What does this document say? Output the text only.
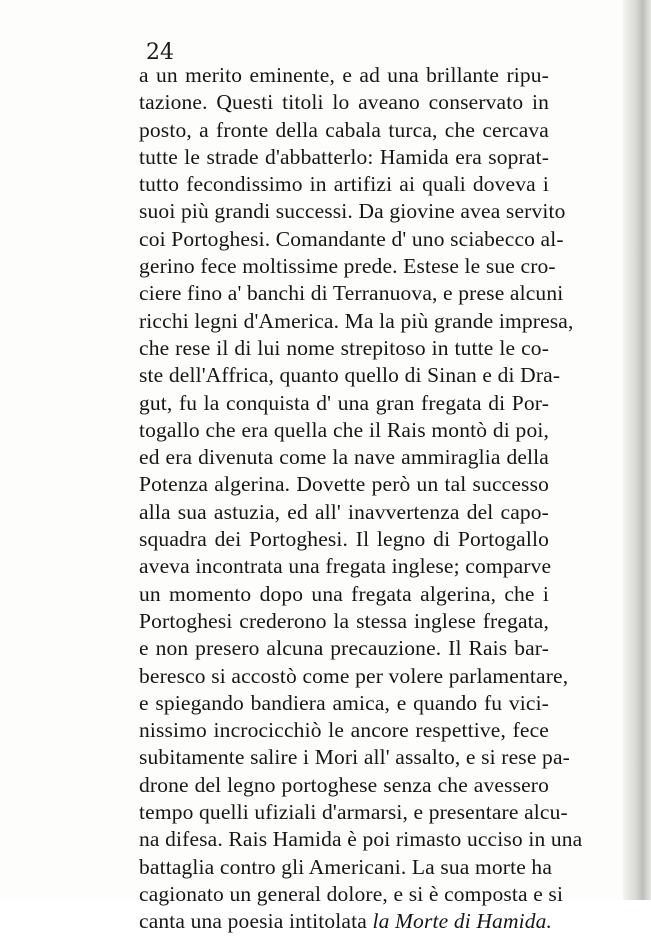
24

a un merito eminente, e ad una brillante ripu-
tazione. Questi titoli lo aveano conservato in
posto, a fronte della cabala turca, che cercava
tutte le strade d'abbatterlo: Hamida era soprat-
tutto fecondissimo in artifizi ai quali doveva i
suoi più grandi successi. Da giovine avea servito
coi Portoghesi. Comandante d' uno sciabecco al-
gerino fece moltissime prede. Estese le sue cro-
ciere fino a' banchi di Terranuova, e prese alcuni
ricchi legni d'America. Ma la più grande impresa,
che rese il di lui nome strepitoso in tutte le co-
ste dell'Affrica, quanto quello di Sinan e di Dra-
gut, fu la conquista d' una gran fregata di Por-
togallo che era quella che il Rais montò di poi,
ed era divenuta come la nave ammiraglia della
Potenza algerina. Dovette però un tal successo
alla sua astuzia, ed all' inavvertenza del capo-
squadra dei Portoghesi. Il legno di Portogallo
aveva incontrata una fregata inglese; comparve
un momento dopo una fregata algerina, che i
Portoghesi crederono la stessa inglese fregata,
e non presero alcuna precauzione. Il Rais bar-
beresco si accostò come per volere parlamentare,
e spiegando bandiera amica, e quando fu vici-
nissimo incrocicchiò le ancore respettive, fece
subitamente salire i Mori all' assalto, e si rese pa-
drone del legno portoghese senza che avessero
tempo quelli ufiziali d'armarsi, e presentare alcu-
na difesa. Rais Hamida è poi rimasto ucciso in una
battaglia contro gli Americani. La sua morte ha
cagionato un general dolore, e si è composta e si
canta una poesia intitolata la Morte di Hamida.
